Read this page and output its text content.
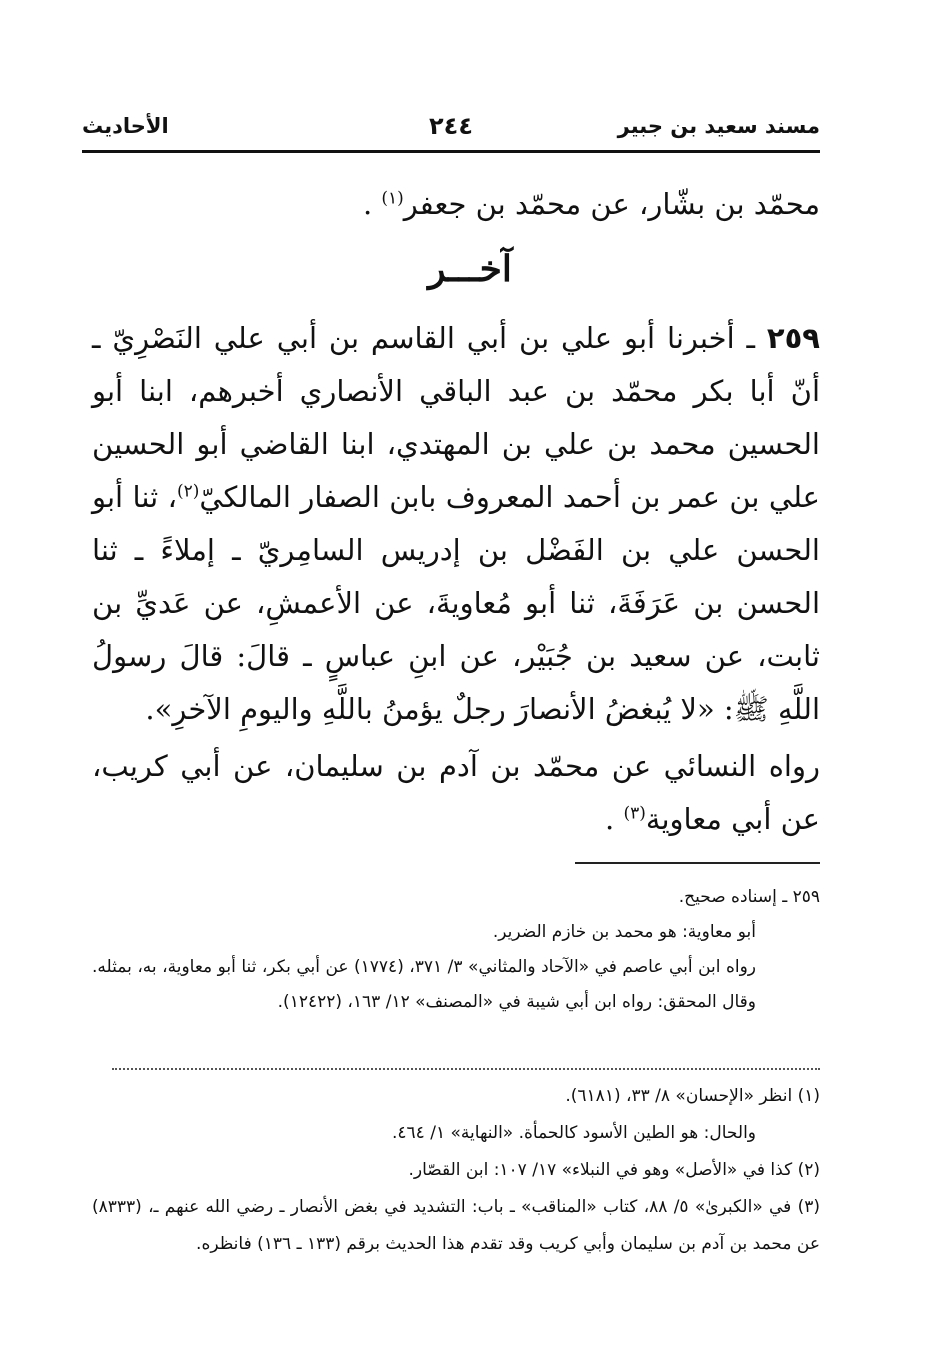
مسند سعيد بن جبير
٢٤٤
الأحاديث
محمّد بن بشّار، عن محمّد بن جعفر$^{(١)}$ .
آخـــر
٢٥٩ ـ أخبرنا أبو علي بن أبي القاسم بن أبي علي النَصْرِيّ ـ أنّ أبا بكر محمّد بن عبد الباقي الأنصاري أخبرهم، ابنا أبو الحسين محمد بن علي بن المهتدي، ابنا القاضي أبو الحسين علي بن عمر بن أحمد المعروف بابن الصفار المالكيّ$^{(٢)}$، ثنا أبو الحسن علي بن الفَضْل بن إدريس السامِريّ ـ إملاءً ـ ثنا الحسن بن عَرَفَةَ، ثنا أبو مُعاويةَ، عن الأعمشِ، عن عَديِّ بن ثابت، عن سعيد بن جُبَيْر، عن ابنِ عباسٍ ـ قالَ: قالَ رسولُ اللَّهِ ﷺ: «لا يُبغضُ الأنصارَ رجلٌ يؤمنُ باللَّهِ واليومِ الآخرِ».
رواه النسائي عن محمّد بن آدم بن سليمان، عن أبي كريب، عن أبي معاوية$^{(٣)}$ .

٢٥٩ ـ إسناده صحيح.

أبو معاوية: هو محمد بن خازم الضرير.

رواه ابن أبي عاصم في «الآحاد والمثاني» ٣/ ٣٧١، (١٧٧٤) عن أبي بكر، ثنا أبو معاوية، به، بمثله. وقال المحقق: رواه ابن أبي شيبة في «المصنف» ١٢/ ١٦٣، (١٢٤٢٢).

(١) انظر «الإحسان» ٨/ ٣٣، (٦١٨١).

والحال: هو الطين الأسود كالحمأة. «النهاية» ١/ ٤٦٤.

(٢) كذا في «الأصل» وهو في النبلاء» ١٧/ ١٠٧: ابن القصّار.

(٣) في «الكبرىٰ» ٥/ ٨٨، كتاب «المناقب» ـ باب: التشديد في بغض الأنصار ـ رضي الله عنهم ـ، (٨٣٣٣) عن محمد بن آدم بن سليمان وأبي كريب وقد تقدم هذا الحديث برقم (١٣٣ ـ ١٣٦) فانظره.
